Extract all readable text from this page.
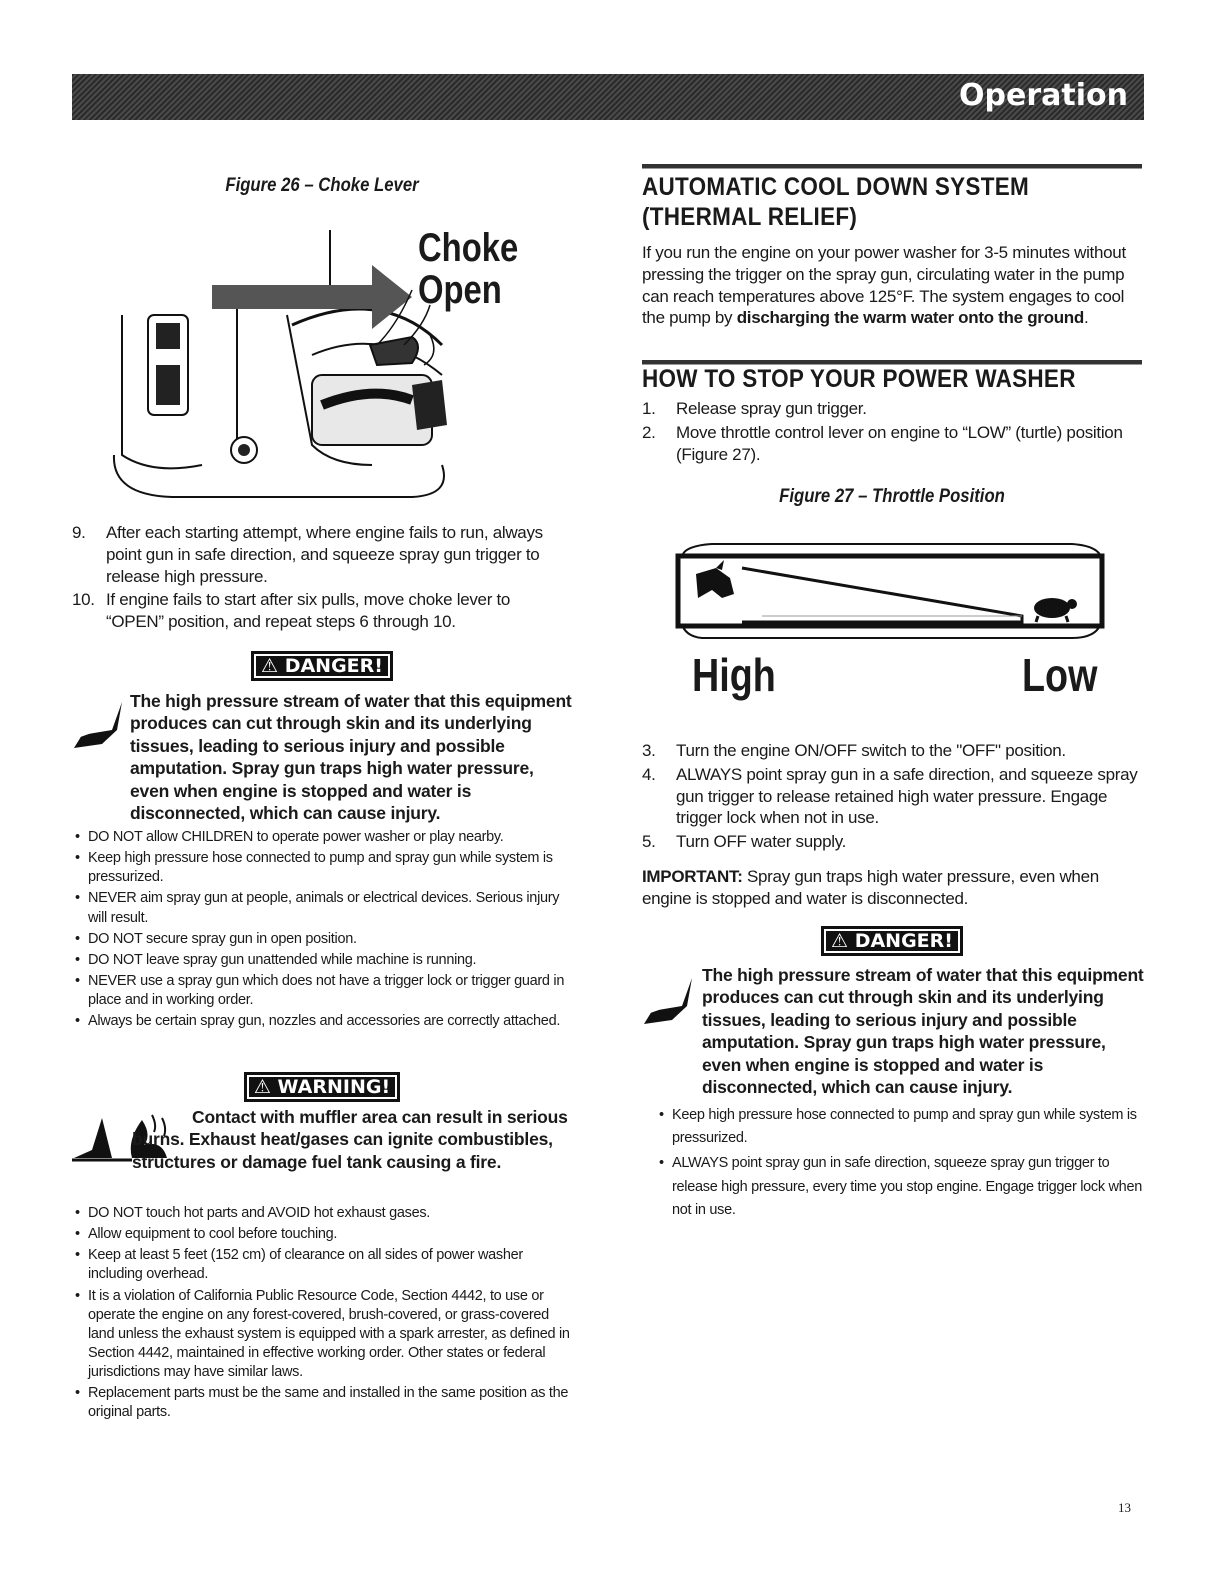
Operation
Figure 26 – Choke Lever
Choke
Open
9. After each starting attempt, where engine fails to run, always point gun in safe direction, and squeeze spray gun trigger to release high pressure.
10. If engine fails to start after six pulls, move choke lever to “OPEN” position, and repeat steps 6 through 10.
⚠ DANGER!
The high pressure stream of water that this equipment produces can cut through skin and its underlying tissues, leading to serious injury and possible amputation. Spray gun traps high water pressure, even when engine is stopped and water is disconnected, which can cause injury.
• DO NOT allow CHILDREN to operate power washer or play nearby.
• Keep high pressure hose connected to pump and spray gun while system is pressurized.
• NEVER aim spray gun at people, animals or electrical devices. Serious injury will result.
• DO NOT secure spray gun in open position.
• DO NOT leave spray gun unattended while machine is running.
• NEVER use a spray gun which does not have a trigger lock or trigger guard in place and in working order.
• Always be certain spray gun, nozzles and accessories are correctly attached.
⚠ WARNING!
Contact with muffler area can result in serious burns. Exhaust heat/gases can ignite combustibles, structures or damage fuel tank causing a fire.
• DO NOT touch hot parts and AVOID hot exhaust gases.
• Allow equipment to cool before touching.
• Keep at least 5 feet (152 cm) of clearance on all sides of power washer including overhead.
• It is a violation of California Public Resource Code, Section 4442, to use or operate the engine on any forest-covered, brush-covered, or grass-covered land unless the exhaust system is equipped with a spark arrester, as defined in Section 4442, maintained in effective working order. Other states or federal jurisdictions may have similar laws.
• Replacement parts must be the same and installed in the same position as the original parts.
AUTOMATIC COOL DOWN SYSTEM (THERMAL RELIEF)

If you run the engine on your power washer for 3-5 minutes without pressing the trigger on the spray gun, circulating water in the pump can reach temperatures above 125°F. The system engages to cool the pump by discharging the warm water onto the ground.

HOW TO STOP YOUR POWER WASHER
1. Release spray gun trigger.
2. Move throttle control lever on engine to “LOW” (turtle) position (Figure 27).
Figure 27 – Throttle Position
High	Low
3. Turn the engine ON/OFF switch to the "OFF" position.
4. ALWAYS point spray gun in a safe direction, and squeeze spray gun trigger to release retained high water pressure. Engage trigger lock when not in use.
5. Turn OFF water supply.

IMPORTANT: Spray gun traps high water pressure, even when engine is stopped and water is disconnected.

⚠ DANGER!
The high pressure stream of water that this equipment produces can cut through skin and its underlying tissues, leading to serious injury and possible amputation. Spray gun traps high water pressure, even when engine is stopped and water is disconnected, which can cause injury.
• Keep high pressure hose connected to pump and spray gun while system is pressurized.
• ALWAYS point spray gun in safe direction, squeeze spray gun trigger to release high pressure, every time you stop engine. Engage trigger lock when not in use.
13
